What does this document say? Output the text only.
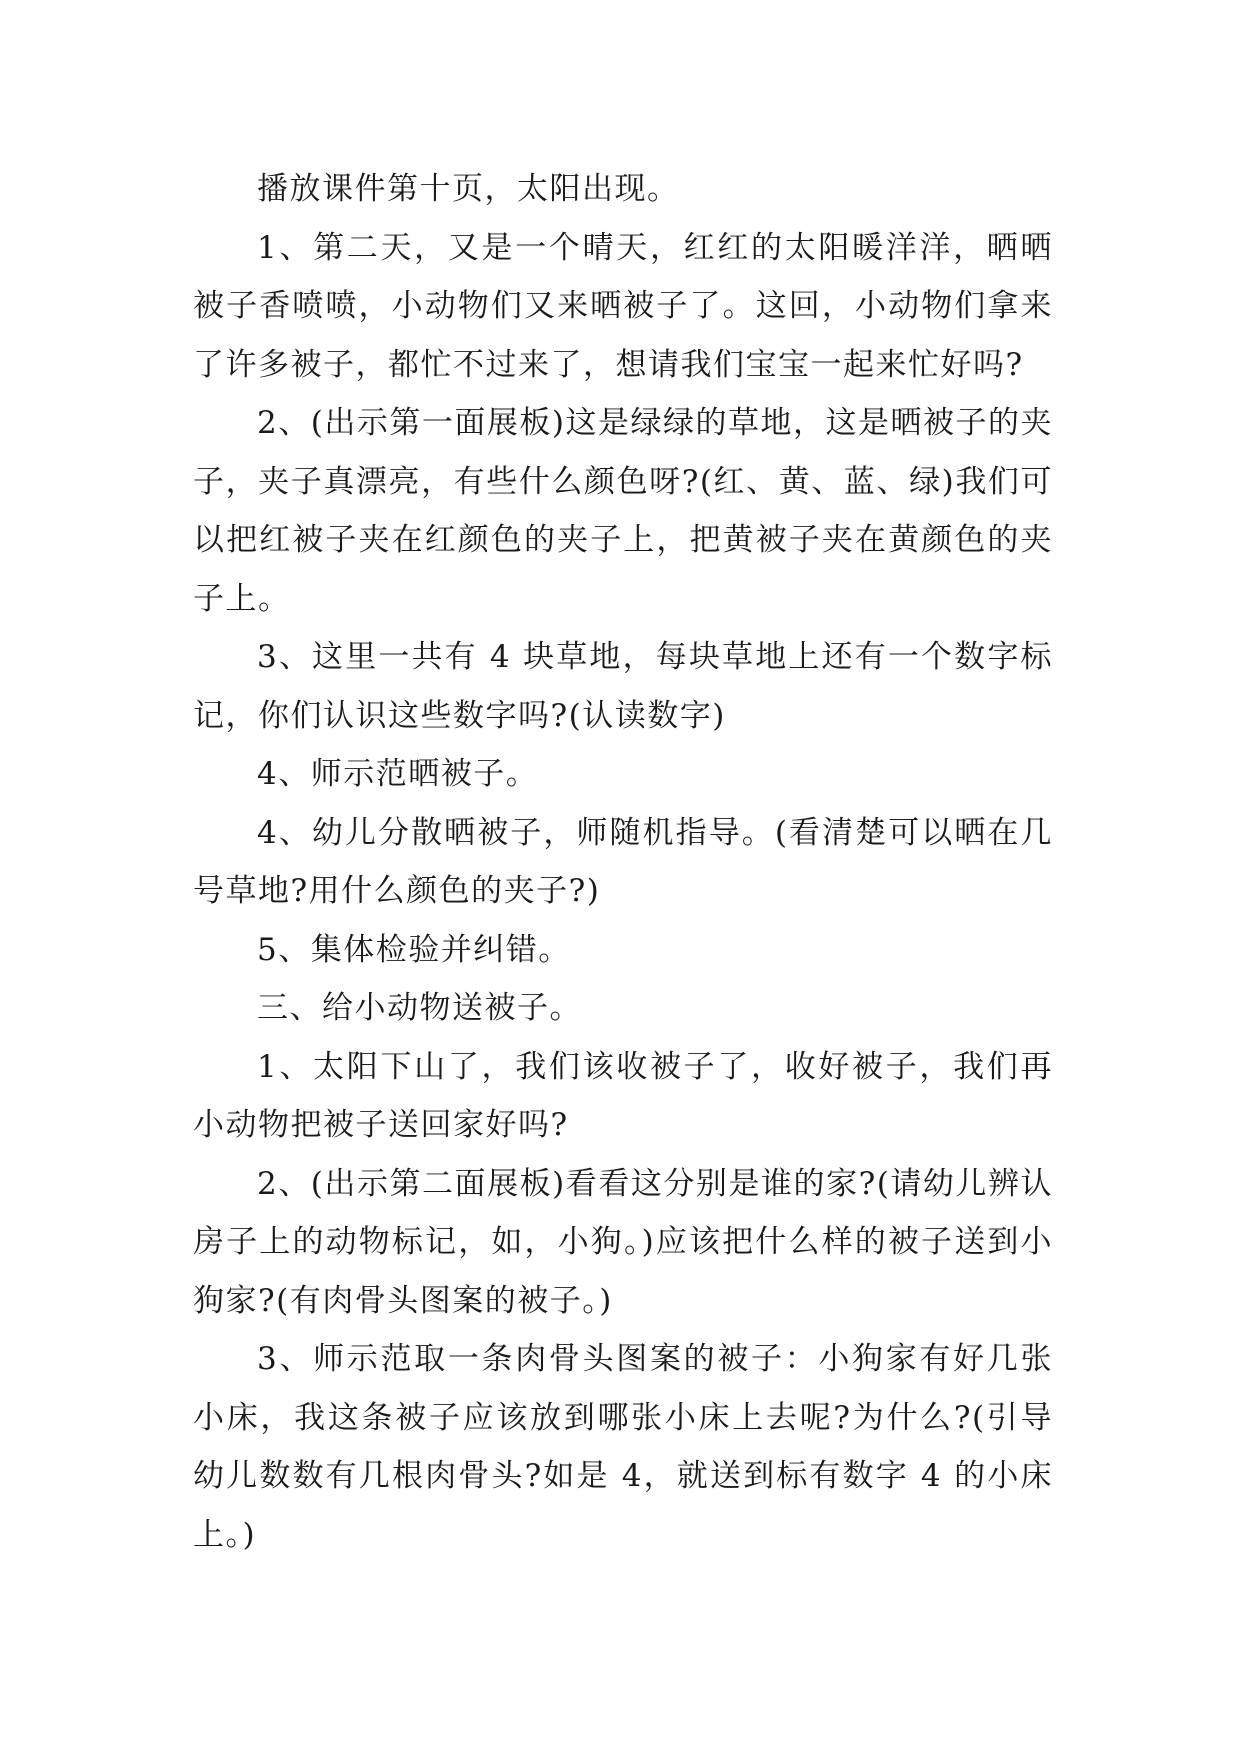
播放课件第十页，太阳出现。

1、第二天，又是一个晴天，红红的太阳暖洋洋，晒晒被子香喷喷，小动物们又来晒被子了。这回，小动物们拿来了许多被子，都忙不过来了，想请我们宝宝一起来忙好吗?

2、(出示第一面展板)这是绿绿的草地，这是晒被子的夹子，夹子真漂亮，有些什么颜色呀?(红、黄、蓝、绿)我们可以把红被子夹在红颜色的夹子上，把黄被子夹在黄颜色的夹子上。

3、这里一共有 4 块草地，每块草地上还有一个数字标记，你们认识这些数字吗?(认读数字)

4、师示范晒被子。

4、幼儿分散晒被子，师随机指导。(看清楚可以晒在几号草地?用什么颜色的夹子?)

5、集体检验并纠错。

三、给小动物送被子。

1、太阳下山了，我们该收被子了，收好被子，我们再小动物把被子送回家好吗?

2、(出示第二面展板)看看这分别是谁的家?(请幼儿辨认房子上的动物标记，如，小狗。)应该把什么样的被子送到小狗家?(有肉骨头图案的被子。)

3、师示范取一条肉骨头图案的被子：小狗家有好几张小床，我这条被子应该放到哪张小床上去呢?为什么?(引导幼儿数数有几根肉骨头?如是 4，就送到标有数字 4 的小床上。)
